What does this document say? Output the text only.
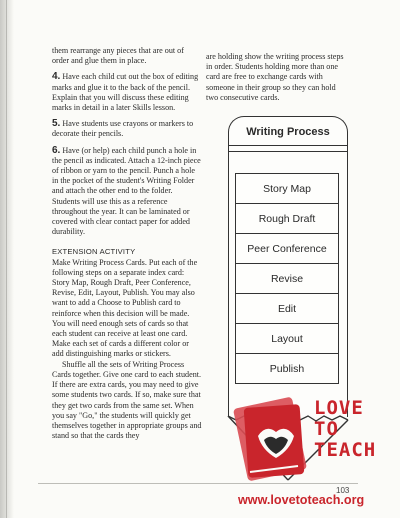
them rearrange any pieces that are out of order and glue them in place.

4. Have each child cut out the box of editing marks and glue it to the back of the pencil. Explain that you will discuss these editing marks in detail in a later Skills lesson.

5. Have students use crayons or markers to decorate their pencils.

6. Have (or help) each child punch a hole in the pencil as indicated. Attach a 12-inch piece of ribbon or yarn to the pencil. Punch a hole in the pocket of the student's Writing Folder and attach the other end to the folder. Students will use this as a reference throughout the year. It can be laminated or covered with clear contact paper for added durability.

EXTENSION ACTIVITY

Make Writing Process Cards. Put each of the following steps on a separate index card: Story Map, Rough Draft, Peer Conference, Revise, Edit, Layout, Publish. You may also want to add a Choose to Publish card to reinforce when this decision will be made. You will need enough sets of cards so that each student can receive at least one card. Make each set of cards a different color or add distinguishing marks or stickers.

Shuffle all the sets of Writing Process Cards together. Give one card to each student. If there are extra cards, you may need to give some students two cards. If so, make sure that they get two cards from the same set. When you say "Go," the students will quickly get themselves together in appropriate groups and stand so that the cards they

are holding show the writing process steps in order. Students holding more than one card are free to exchange cards with someone in their group so they can hold two consecutive cards.

Writing Process
Story Map
Rough Draft
Peer Conference
Revise
Edit
Layout
Publish
LOVE
TO
TEACH
103
www.lovetoteach.org
